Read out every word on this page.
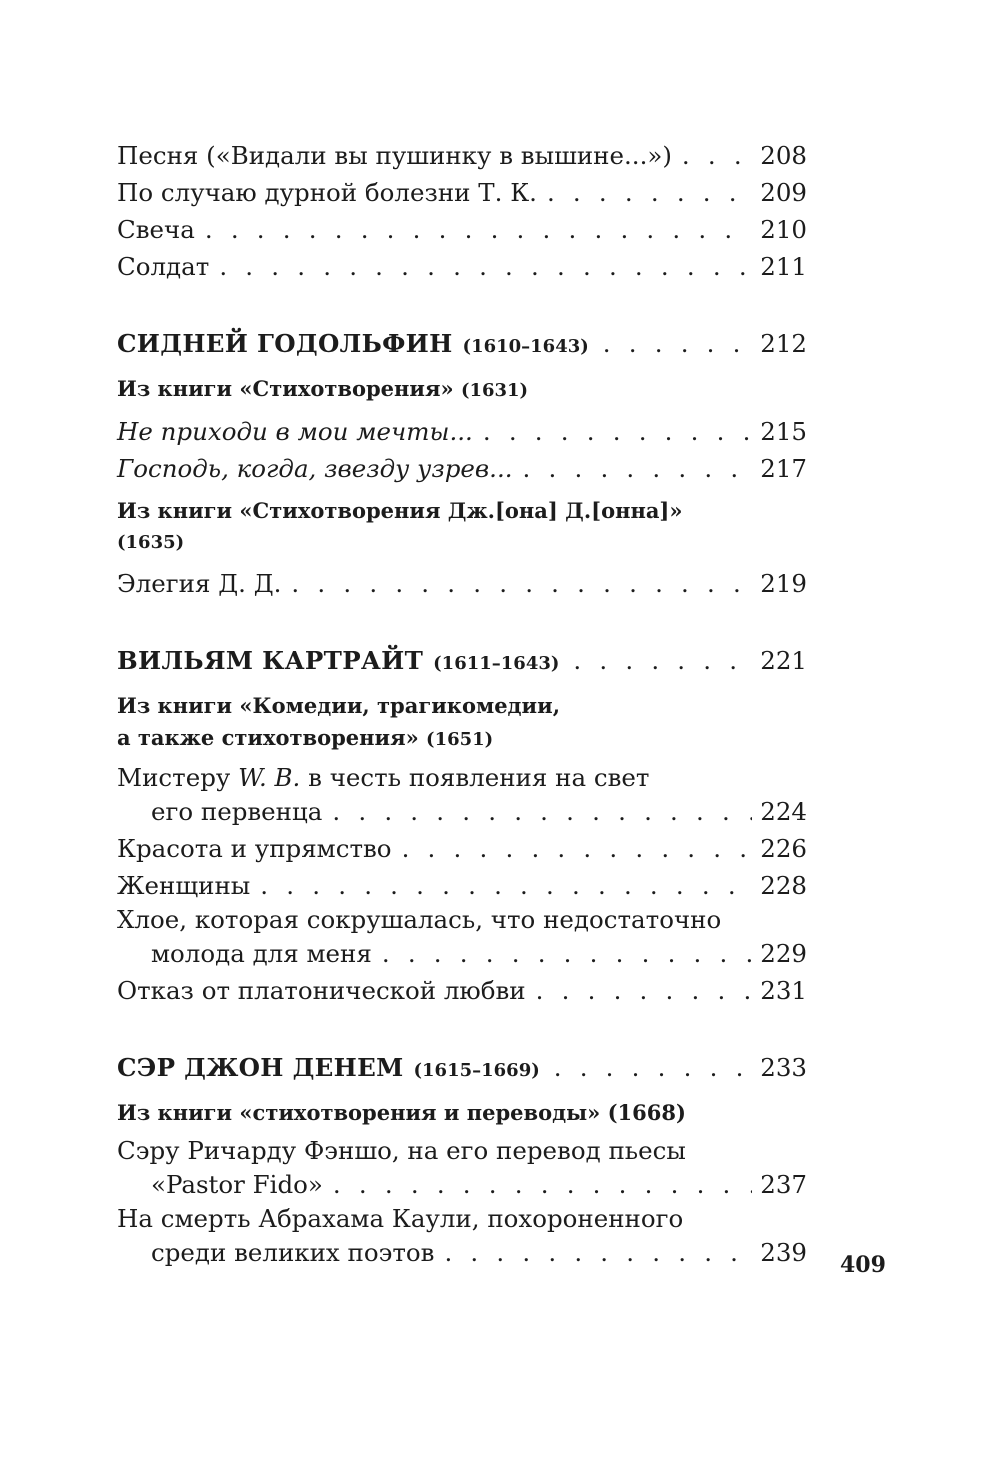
Песня («Видали вы пушинку в вышине...») . . .	208
По случаю дурной болезни Т. К. . . .	209
Свеча . . .	210
Солдат . . .	211
СИДНЕЙ ГОДОЛЬФИН (1610–1643) . . .	212
Из книги «Стихотворения» (1631)
Не приходи в мои мечты... . . .	215
Господь, когда, звезду узрев... . . .	217
Из книги «Стихотворения Дж.[она] Д.[онна]»
(1635)
Элегия Д. Д. . . .	219
ВИЛЬЯМ КАРТРАЙТ (1611–1643) . . .	221
Из книги «Комедии, трагикомедии,
а также стихотворения» (1651)
Мистеру W. B. в честь появления на свет
его первенца . . .	224
Красота и упрямство . . .	226
Женщины . . .	228
Хлое, которая сокрушалась, что недостаточно
молода для меня . . .	229
Отказ от платонической любви . . .	231
СЭР ДЖОН ДЕНЕМ (1615–1669) . . .	233
Из книги «стихотворения и переводы» (1668)
Сэру Ричарду Фэншо, на его перевод пьесы
«Pastor Fido» . . .	237
На смерть Абрахама Каули, похороненного
среди великих поэтов . . .	239 409
